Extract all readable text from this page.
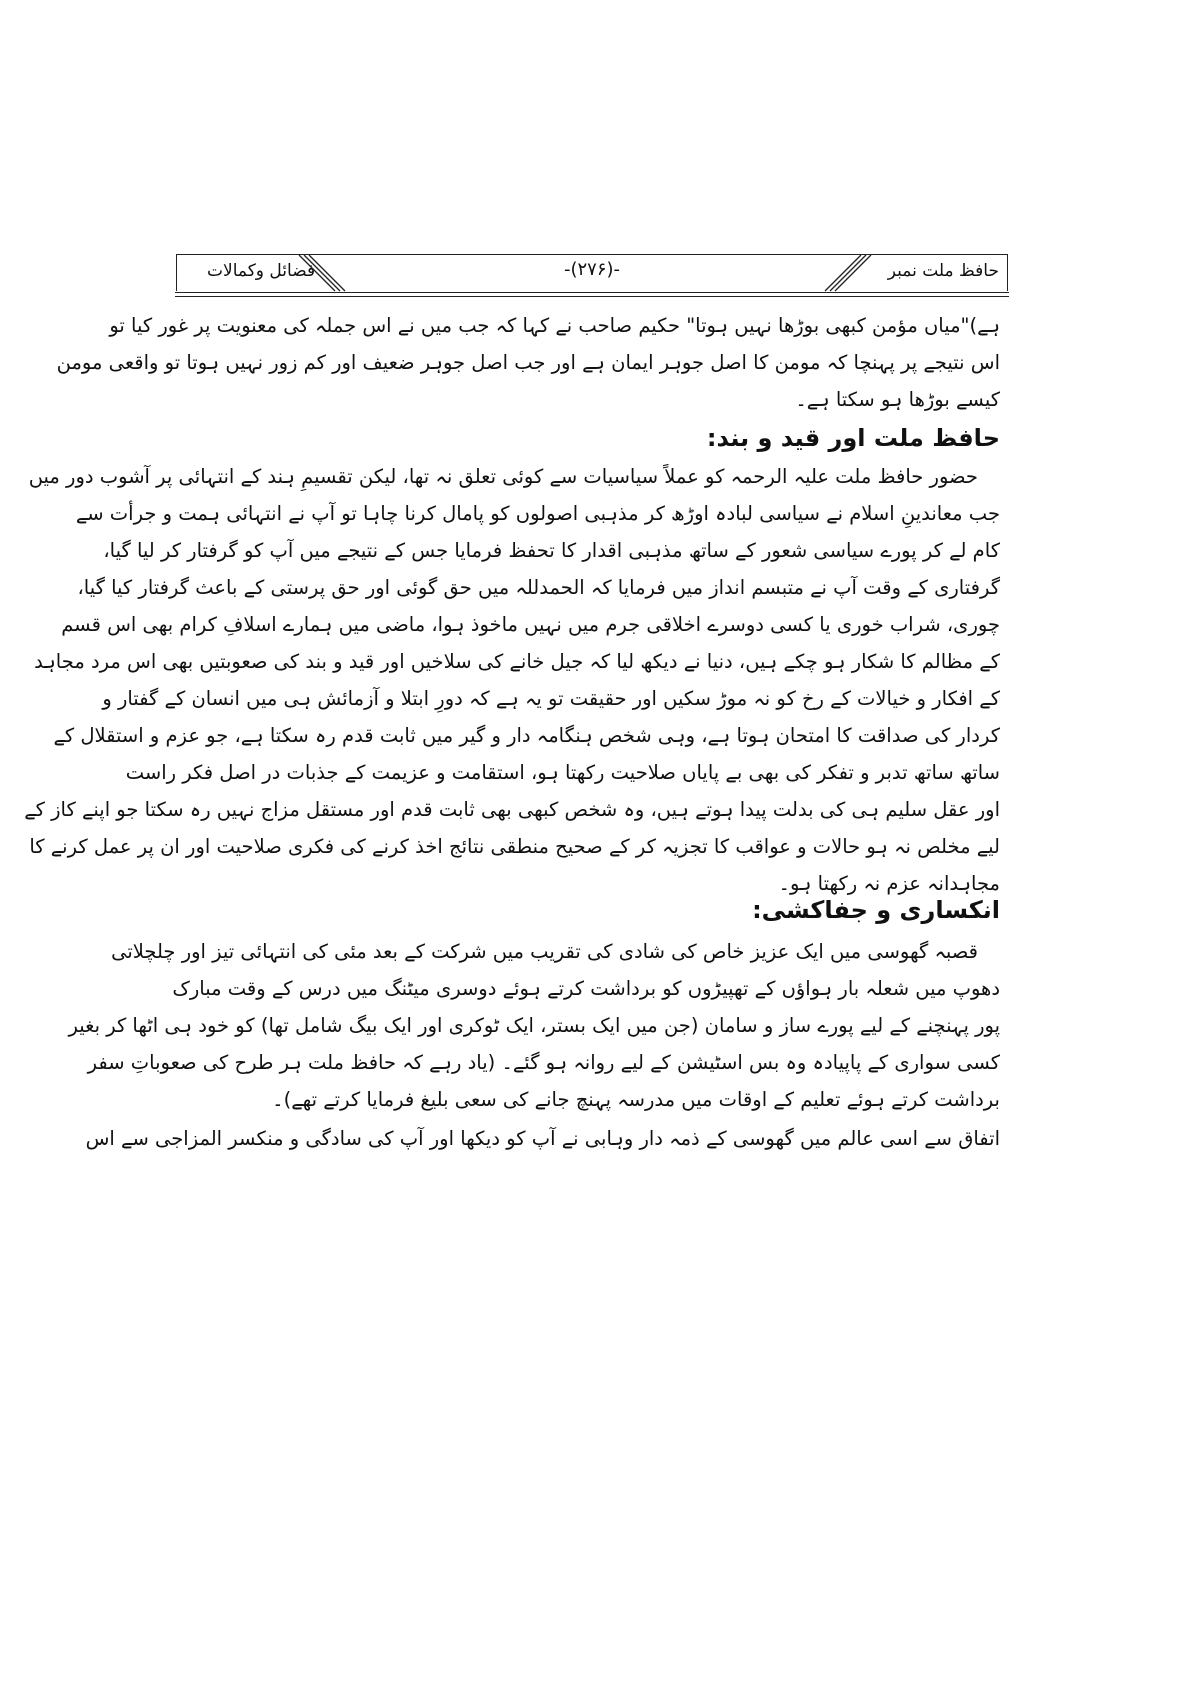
حافظ ملت نمبر
-(۲۷۶)-
فضائل وکمالات
ہے)"میاں مؤمن کبھی بوڑھا نہیں ہوتا" حکیم صاحب نے کہا کہ جب میں نے اس جملہ کی معنویت پر غور کیا تو
اس نتیجے پر پہنچا کہ مومن کا اصل جوہر ایمان ہے اور جب اصل جوہر ضعیف اور کم زور نہیں ہوتا تو واقعی مومن
کیسے بوڑھا ہو سکتا ہے۔
حافظ ملت اور قید و بند:
حضور حافظ ملت علیہ الرحمہ کو عملاً سیاسیات سے کوئی تعلق نہ تھا، لیکن تقسیمِ ہند کے انتہائی پر آشوب دور میں
جب معاندینِ اسلام نے سیاسی لبادہ اوڑھ کر مذہبی اصولوں کو پامال کرنا چاہا تو آپ نے انتہائی ہمت و جرأت سے
کام لے کر پورے سیاسی شعور کے ساتھ مذہبی اقدار کا تحفظ فرمایا جس کے نتیجے میں آپ کو گرفتار کر لیا گیا،
گرفتاری کے وقت آپ نے متبسم انداز میں فرمایا کہ الحمدللہ میں حق گوئی اور حق پرستی کے باعث گرفتار کیا گیا،
چوری، شراب خوری یا کسی دوسرے اخلاقی جرم میں نہیں ماخوذ ہوا، ماضی میں ہمارے اسلافِ کرام بھی اس قسم
کے مظالم کا شکار ہو چکے ہیں، دنیا نے دیکھ لیا کہ جیل خانے کی سلاخیں اور قید و بند کی صعوبتیں بھی اس مرد مجاہد
کے افکار و خیالات کے رخ کو نہ موڑ سکیں اور حقیقت تو یہ ہے کہ دورِ ابتلا و آزمائش ہی میں انسان کے گفتار و
کردار کی صداقت کا امتحان ہوتا ہے، وہی شخص ہنگامہ دار و گیر میں ثابت قدم رہ سکتا ہے، جو عزم و استقلال کے
ساتھ ساتھ تدبر و تفکر کی بھی بے پایاں صلاحیت رکھتا ہو، استقامت و عزیمت کے جذبات در اصل فکر راست
اور عقل سلیم ہی کی بدلت پیدا ہوتے ہیں، وہ شخص کبھی بھی ثابت قدم اور مستقل مزاج نہیں رہ سکتا جو اپنے کاز کے
لیے مخلص نہ ہو حالات و عواقب کا تجزیہ کر کے صحیح منطقی نتائج اخذ کرنے کی فکری صلاحیت اور ان پر عمل کرنے کا
مجاہدانہ عزم نہ رکھتا ہو۔
انکساری و جفاکشی:
قصبہ گھوسی میں ایک عزیز خاص کی شادی کی تقریب میں شرکت کے بعد مئی کی انتہائی تیز اور چلچلاتی
دھوپ میں شعلہ بار ہواؤں کے تھپیڑوں کو برداشت کرتے ہوئے دوسری میٹنگ میں درس کے وقت مبارک
پور پہنچنے کے لیے پورے ساز و سامان (جن میں ایک بستر، ایک ٹوکری اور ایک بیگ شامل تھا) کو خود ہی اٹھا کر بغیر
کسی سواری کے پاپیادہ وہ بس اسٹیشن کے لیے روانہ ہو گئے۔ (یاد رہے کہ حافظ ملت ہر طرح کی صعوباتِ سفر
برداشت کرتے ہوئے تعلیم کے اوقات میں مدرسہ پہنچ جانے کی سعی بلیغ فرمایا کرتے تھے)۔
اتفاق سے اسی عالم میں گھوسی کے ذمہ دار وہابی نے آپ کو دیکھا اور آپ کی سادگی و منکسر المزاجی سے اس
